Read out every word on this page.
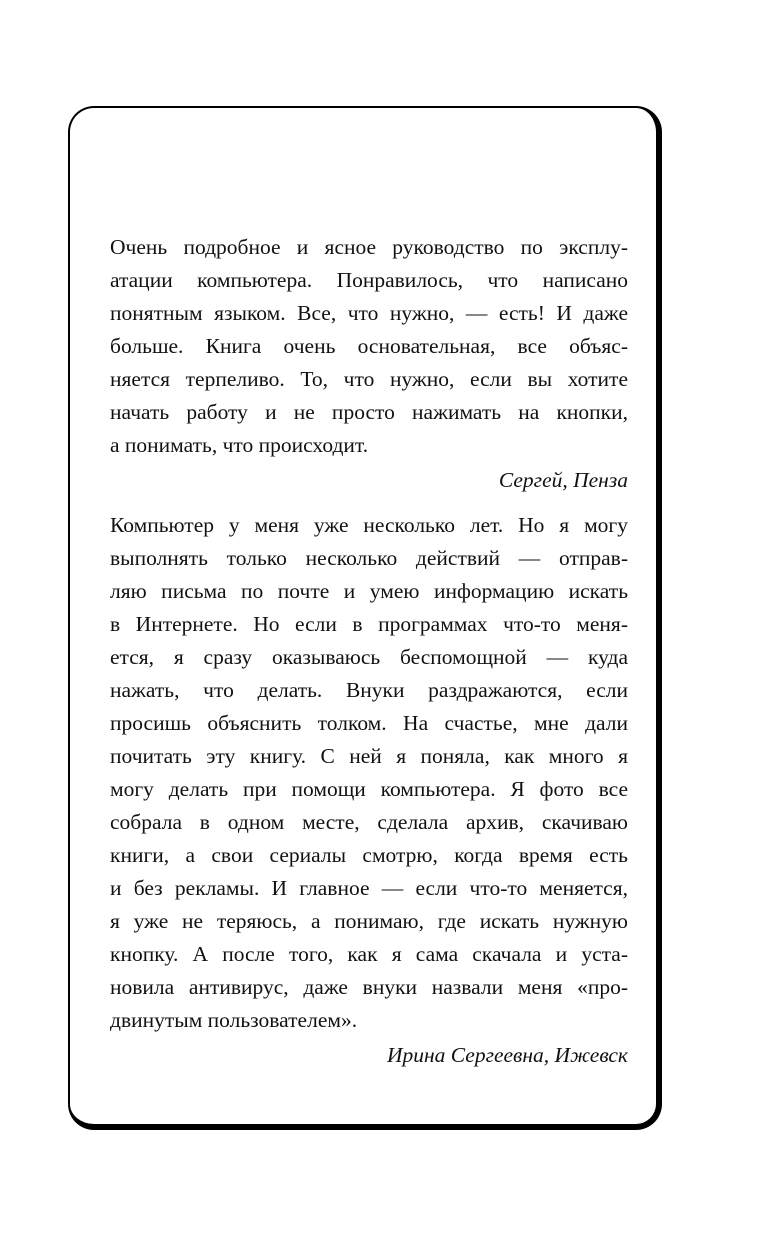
Очень подробное и ясное руководство по эксплу-
атации компьютера. Понравилось, что написано
понятным языком. Все, что нужно, — есть! И даже
больше. Книга очень основательная, все объяс-
няется терпеливо. То, что нужно, если вы хотите
начать работу и не просто нажимать на кнопки,
а понимать, что происходит.
Сергей, Пенза
Компьютер у меня уже несколько лет. Но я могу
выполнять только несколько действий — отправ-
ляю письма по почте и умею информацию искать
в Интернете. Но если в программах что-то меня-
ется, я сразу оказываюсь беспомощной — куда
нажать, что делать. Внуки раздражаются, если
просишь объяснить толком. На счастье, мне дали
почитать эту книгу. С ней я поняла, как много я
могу делать при помощи компьютера. Я фото все
собрала в одном месте, сделала архив, скачиваю
книги, а свои сериалы смотрю, когда время есть
и без рекламы. И главное — если что-то меняется,
я уже не теряюсь, а понимаю, где искать нужную
кнопку. А после того, как я сама скачала и уста-
новила антивирус, даже внуки назвали меня «про-
двинутым пользователем».
Ирина Сергеевна, Ижевск
